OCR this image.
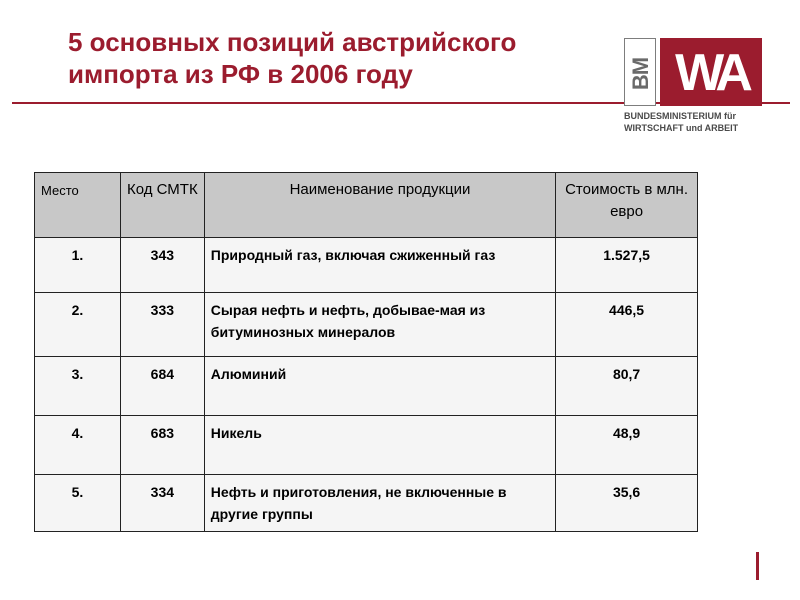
5 основных позиций австрийского
импорта из РФ в 2006 году	BM WA
BUNDESMINISTERIUM für
WIRTSCHAFT und ARBEIT
Место	Код СМТК	Наименование продукции	Стоимость в млн. евро
1.	343	Природный газ, включая сжиженный газ	1.527,5
2.	333	Сырая нефть и нефть, добывае-мая из битуминозных минералов	446,5
3.	684	Алюминий	80,7
4.	683	Никель	48,9
5.	334	Нефть и приготовления, не включенные в другие группы	35,6
